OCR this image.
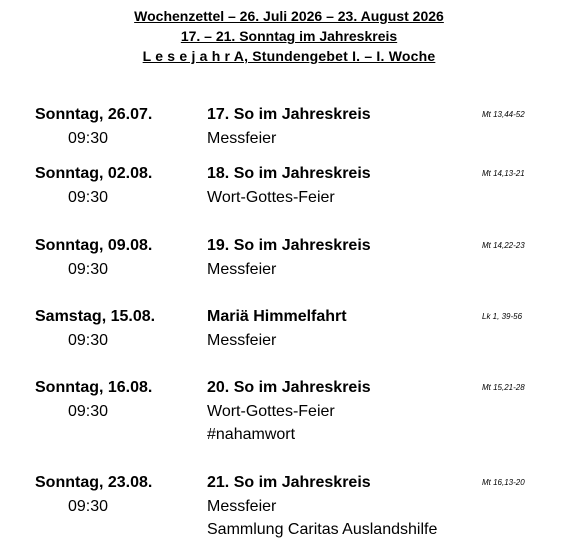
Wochenzettel – 26. Juli 2026 – 23. August 2026
17. – 21. Sonntag im Jahreskreis
L e s e j a h r A, Stundengebet I. – I. Woche
Sonntag, 26.07.
09:30
17. So im Jahreskreis
Messfeier
Mt 13,44-52
Sonntag, 02.08.
09:30
18. So im Jahreskreis
Wort-Gottes-Feier
Mt 14,13-21
Sonntag, 09.08.
09:30
19. So im Jahreskreis
Messfeier
Mt 14,22-23
Samstag, 15.08.
09:30
Mariä Himmelfahrt
Messfeier
Lk 1, 39-56
Sonntag, 16.08.
09:30
20. So im Jahreskreis
Wort-Gottes-Feier
#nahamwort
Mt 15,21-28
Sonntag, 23.08.
09:30
21. So im Jahreskreis
Messfeier
Sammlung Caritas Auslandshilfe
Mt 16,13-20
